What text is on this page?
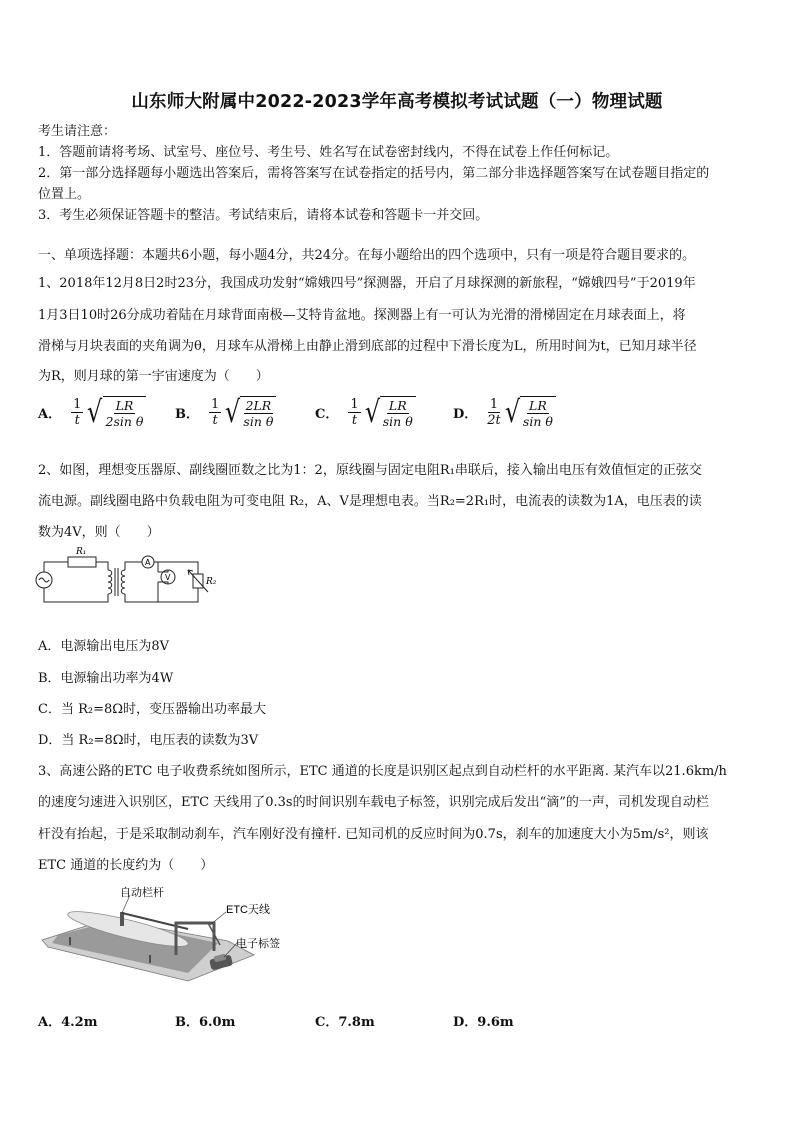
山东师大附属中2022-2023学年高考模拟考试试题（一）物理试题
考生请注意：
1．答题前请将考场、试室号、座位号、考生号、姓名写在试卷密封线内，不得在试卷上作任何标记。
2．第一部分选择题每小题选出答案后，需将答案写在试卷指定的括号内，第二部分非选择题答案写在试卷题目指定的
位置上。
3．考生必须保证答题卡的整洁。考试结束后，请将本试卷和答题卡一并交回。
一、单项选择题：本题共6小题，每小题4分，共24分。在每小题给出的四个选项中，只有一项是符合题目要求的。
1、2018年12月8日2时23分，我国成功发射“嫦娥四号”探测器，开启了月球探测的新旅程，“嫦娥四号”于2019年
1月3日10时26分成功着陆在月球背面南极—艾特肯盆地。探测器上有一可认为光滑的滑梯固定在月球表面上，将
滑梯与月块表面的夹角调为θ，月球车从滑梯上由静止滑到底部的过程中下滑长度为L，所用时间为t，已知月球半径
为R，则月球的第一宇宙速度为（　　）
A． $\frac{1}{t}$ √ $\frac{LR}{\text{2sin θ}}$ B． $\frac{1}{t}$ √ $\frac{2LR}{\text{sin θ}}$	C． $\frac{1}{t}$ √ $\frac{LR}{\text{sin θ}}$	D． $\frac{1}{2t}$ √ $\frac{LR}{\text{sin θ}}$
2、如图，理想变压器原、副线圈匝数之比为1：2，原线圈与固定电阻R₁串联后，接入输出电压有效值恒定的正弦交
流电源。副线圈电路中负载电阻为可变电阻 R₂，A、V是理想电表。当R₂=2R₁时，电流表的读数为1A，电压表的读
数为4V，则（　　）
R₁
A
V	R₂
A．电源输出电压为8V
B．电源输出功率为4W
C．当 R₂=8Ω时，变压器输出功率最大
D．当 R₂=8Ω时，电压表的读数为3V
3、高速公路的ETC 电子收费系统如图所示，ETC 通道的长度是识别区起点到自动栏杆的水平距离. 某汽车以21.6km/h
的速度匀速进入识别区，ETC 天线用了0.3s的时间识别车载电子标签，识别完成后发出“滴”的一声，司机发现自动栏
杆没有抬起，于是采取制动刹车，汽车刚好没有撞杆. 已知司机的反应时间为0.7s，刹车的加速度大小为5m/s²，则该
ETC 通道的长度约为（　　）
自动栏杆
ETC天线
电子标签
A．4.2m	B．6.0m	C．7.8m	D．9.6m
